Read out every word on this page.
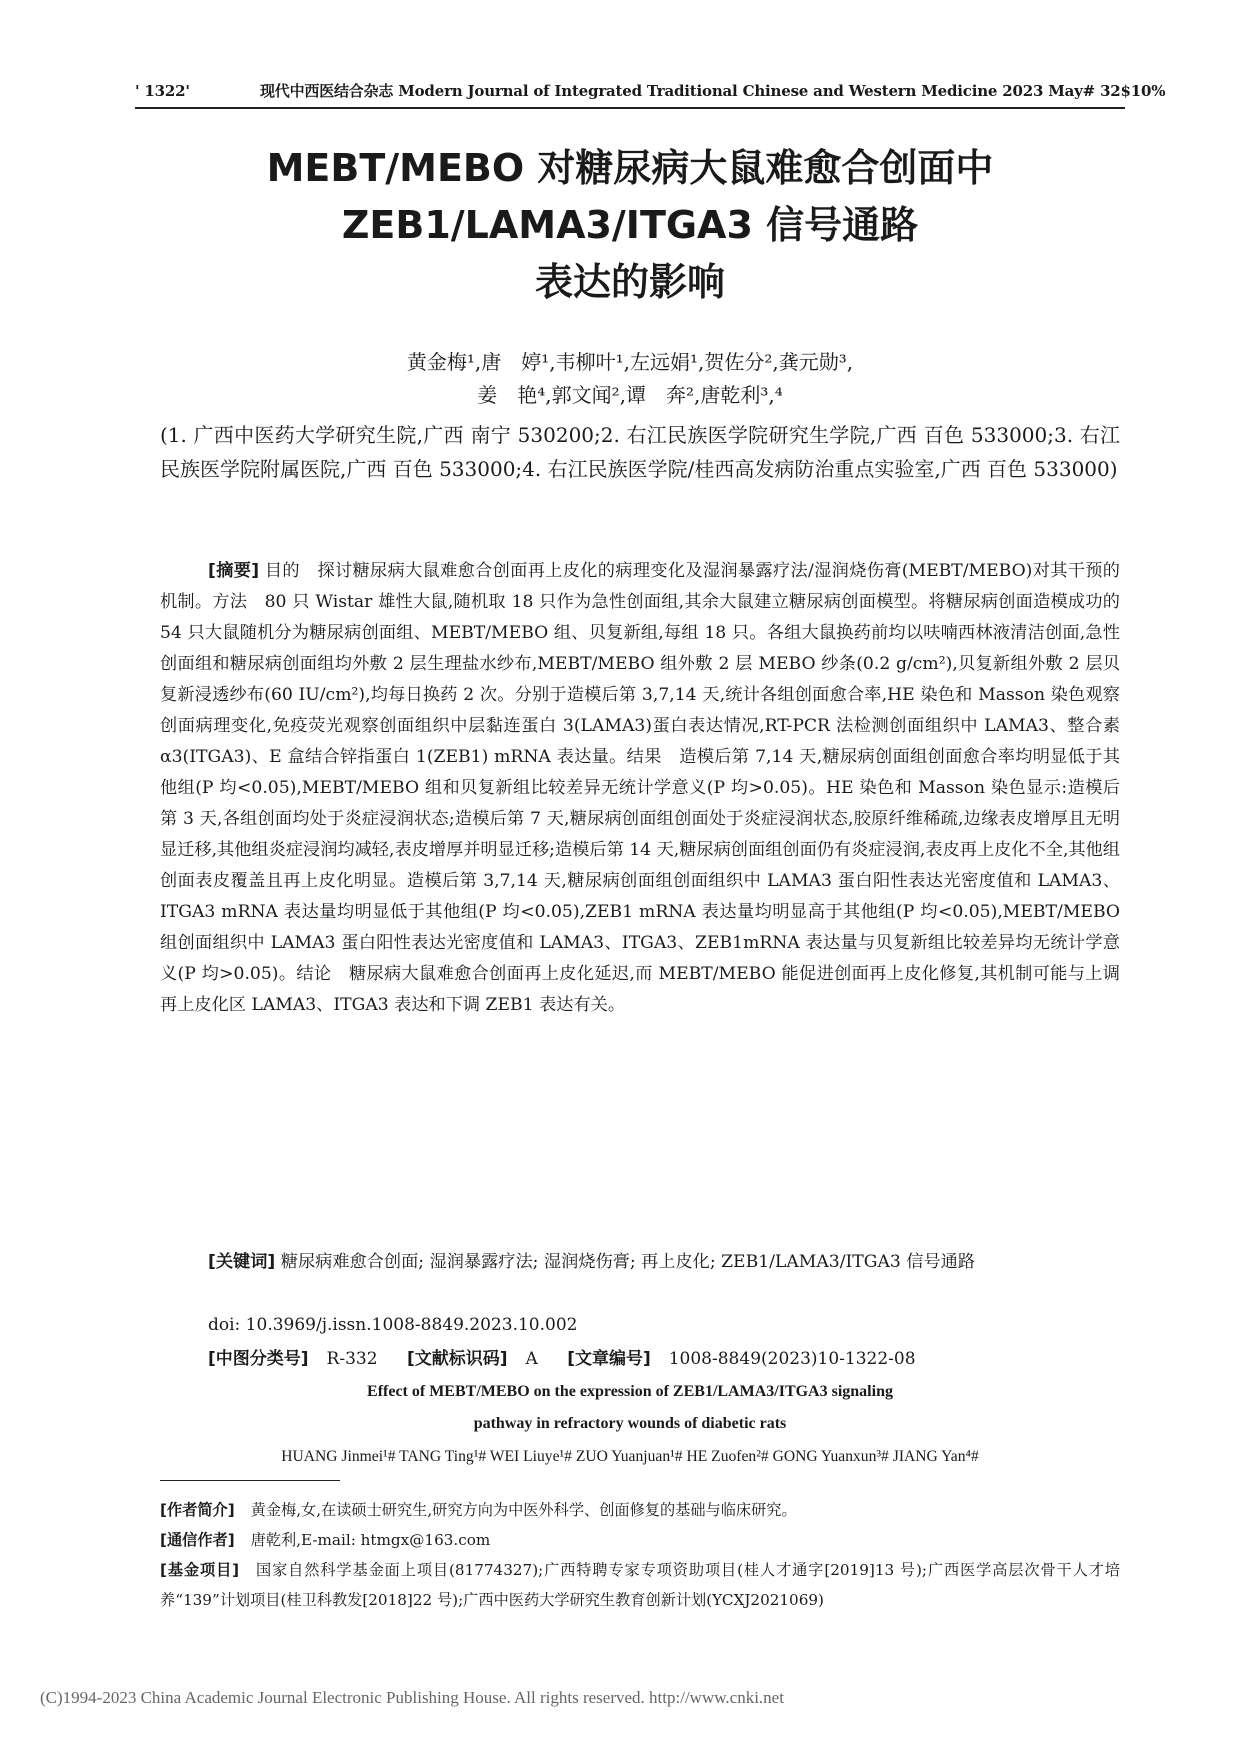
' 1322'	现代中西医结合杂志 Modern Journal of Integrated Traditional Chinese and Western Medicine 2023 May# 32$10%
MEBT/MEBO 对糖尿病大鼠难愈合创面中
ZEB1/LAMA3/ITGA3 信号通路
表达的影响
黄金梅¹,唐　婷¹,韦柳叶¹,左远娟¹,贺佐分²,龚元勋³,
姜　艳⁴,郭文闻²,谭　奔²,唐乾利³,⁴
(1. 广西中医药大学研究生院,广西 南宁 530200;2. 右江民族医学院研究生学院,广西 百色 533000;3. 右江民族医学院附属医院,广西 百色 533000;4. 右江民族医学院/桂西高发病防治重点实验室,广西 百色 533000)

[摘要] 目的　探讨糖尿病大鼠难愈合创面再上皮化的病理变化及湿润暴露疗法/湿润烧伤膏(MEBT/MEBO)对其干预的机制。方法　80 只 Wistar 雄性大鼠,随机取 18 只作为急性创面组,其余大鼠建立糖尿病创面模型。将糖尿病创面造模成功的 54 只大鼠随机分为糖尿病创面组、MEBT/MEBO 组、贝复新组,每组 18 只。各组大鼠换药前均以呋喃西林液清洁创面,急性创面组和糖尿病创面组均外敷 2 层生理盐水纱布,MEBT/MEBO 组外敷 2 层 MEBO 纱条(0.2 g/cm²),贝复新组外敷 2 层贝复新浸透纱布(60 IU/cm²),均每日换药 2 次。分别于造模后第 3,7,14 天,统计各组创面愈合率,HE 染色和 Masson 染色观察创面病理变化,免疫荧光观察创面组织中层黏连蛋白 3(LAMA3)蛋白表达情况,RT-PCR 法检测创面组织中 LAMA3、整合素 α3(ITGA3)、E 盒结合锌指蛋白 1(ZEB1) mRNA 表达量。结果　造模后第 7,14 天,糖尿病创面组创面愈合率均明显低于其他组(P 均<0.05),MEBT/MEBO 组和贝复新组比较差异无统计学意义(P 均>0.05)。HE 染色和 Masson 染色显示:造模后第 3 天,各组创面均处于炎症浸润状态;造模后第 7 天,糖尿病创面组创面处于炎症浸润状态,胶原纤维稀疏,边缘表皮增厚且无明显迁移,其他组炎症浸润均减轻,表皮增厚并明显迁移;造模后第 14 天,糖尿病创面组创面仍有炎症浸润,表皮再上皮化不全,其他组创面表皮覆盖且再上皮化明显。造模后第 3,7,14 天,糖尿病创面组创面组织中 LAMA3 蛋白阳性表达光密度值和 LAMA3、ITGA3 mRNA 表达量均明显低于其他组(P 均<0.05),ZEB1 mRNA 表达量均明显高于其他组(P 均<0.05),MEBT/MEBO 组创面组织中 LAMA3 蛋白阳性表达光密度值和 LAMA3、ITGA3、ZEB1mRNA 表达量与贝复新组比较差异均无统计学意义(P 均>0.05)。结论　糖尿病大鼠难愈合创面再上皮化延迟,而 MEBT/MEBO 能促进创面再上皮化修复,其机制可能与上调再上皮化区 LAMA3、ITGA3 表达和下调 ZEB1 表达有关。

[关键词] 糖尿病难愈合创面; 湿润暴露疗法; 湿润烧伤膏; 再上皮化; ZEB1/LAMA3/ITGA3 信号通路

doi: 10.3969/j.issn.1008-8849.2023.10.002
[中图分类号] R-332 [文献标识码] A [文章编号] 1008-8849(2023)10-1322-08
Effect of MEBT/MEBO on the expression of ZEB1/LAMA3/ITGA3 signaling
pathway in refractory wounds of diabetic rats
HUANG Jinmei¹# TANG Ting¹# WEI Liuye¹# ZUO Yuanjuan¹# HE Zuofen²# GONG Yuanxun³# JIANG Yan⁴#

[作者简介] 黄金梅,女,在读硕士研究生,研究方向为中医外科学、创面修复的基础与临床研究。

[通信作者] 唐乾利,E-mail: htmgx@163.com

[基金项目] 国家自然科学基金面上项目(81774327);广西特聘专家专项资助项目(桂人才通字[2019]13 号);广西医学高层次骨干人才培养“139”计划项目(桂卫科教发[2018]22 号);广西中医药大学研究生教育创新计划(YCXJ2021069)

(C)1994-2023 China Academic Journal Electronic Publishing House. All rights reserved. http://www.cnki.net
